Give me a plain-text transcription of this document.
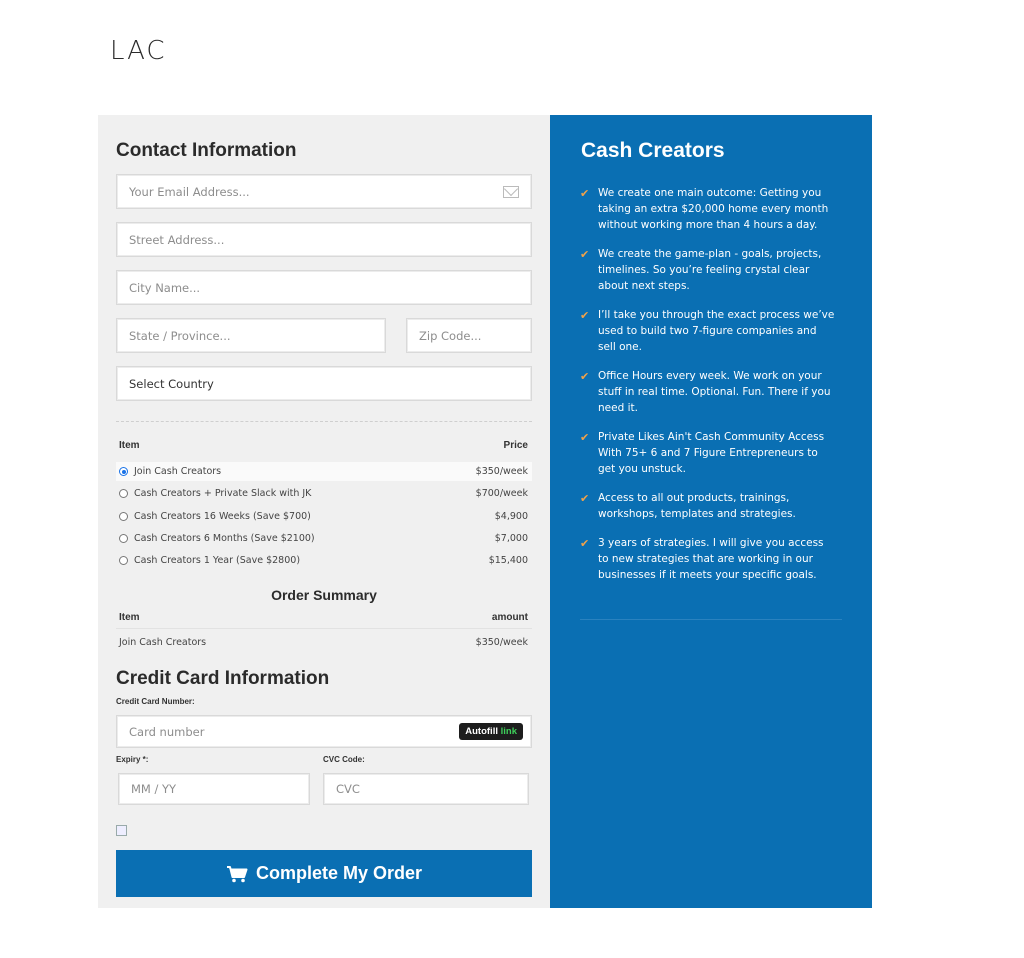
LAC
Cash Creators
✔ We create one main outcome: Getting you taking an extra $20,000 home every month without working more than 4 hours a day.
✔ We create the game-plan - goals, projects, timelines. So you’re feeling crystal clear about next steps.
✔ I’ll take you through the exact process we’ve used to build two 7-figure companies and sell one.
✔ Office Hours every week. We work on your stuff in real time. Optional. Fun. There if you need it.
✔ Private Likes Ain't Cash Community Access With 75+ 6 and 7 Figure Entrepreneurs to get you unstuck.
✔ Access to all out products, trainings, workshops, templates and strategies.
✔ 3 years of strategies. I will give you access to new strategies that are working in our businesses if it meets your specific goals.
Contact Information
Your Email Address...
Street Address...
City Name...
State / Province...
Zip Code...
Select Country
Item	Price
Join Cash Creators	$350/week
Cash Creators + Private Slack with JK	$700/week
Cash Creators 16 Weeks (Save $700)	$4,900
Cash Creators 6 Months (Save $2100)	$7,000
Cash Creators 1 Year (Save $2800)	$15,400
Order Summary
Item	amount
Join Cash Creators	$350/week
Credit Card Information
Credit Card Number:
Card number
Autofill link
Expiry *:	CVC Code:
MM / YY
CVC
Complete My Order
